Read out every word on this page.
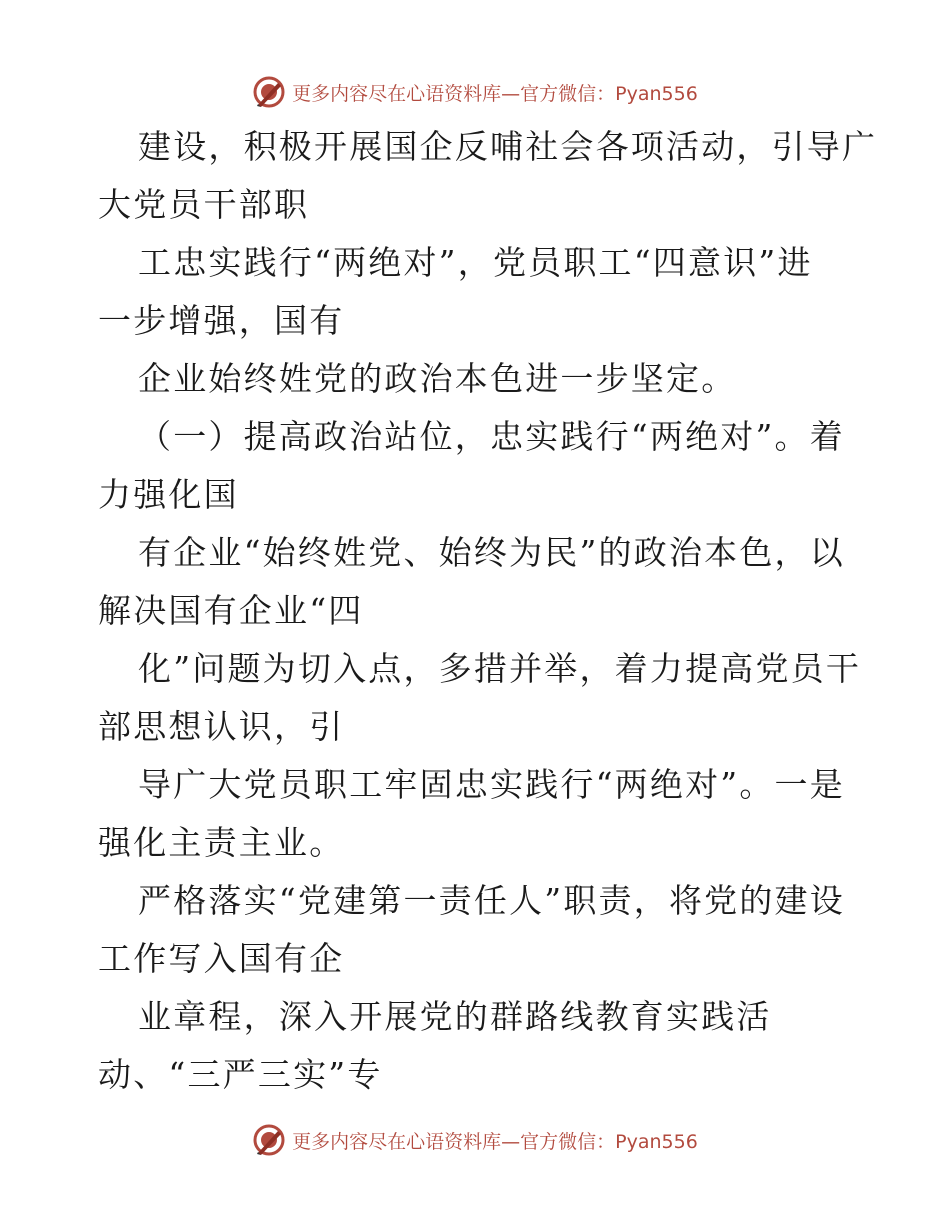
更多内容尽在心语资料库—官方微信：Pyan556
建设，积极开展国企反哺社会各项活动，引导广
大党员干部职
工忠实践行“两绝对”，党员职工“四意识”进
一步增强，国有
企业始终姓党的政治本色进一步坚定。
（一）提高政治站位，忠实践行“两绝对”。着
力强化国
有企业“始终姓党、始终为民”的政治本色，以
解决国有企业“四
化”问题为切入点，多措并举，着力提高党员干
部思想认识，引
导广大党员职工牢固忠实践行“两绝对”。一是
强化主责主业。
严格落实“党建第一责任人”职责，将党的建设
工作写入国有企
业章程，深入开展党的群路线教育实践活
动、“三严三实”专
更多内容尽在心语资料库—官方微信：Pyan556
